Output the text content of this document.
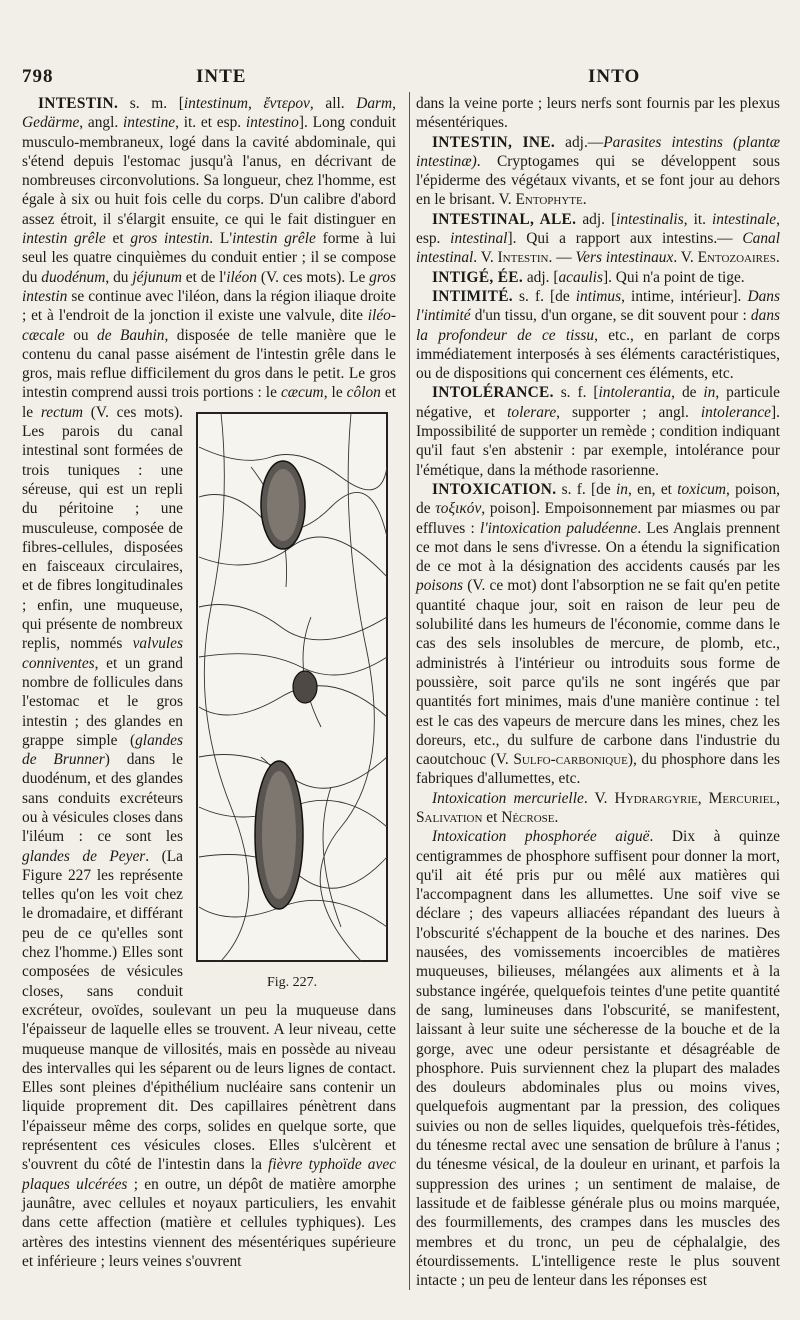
798	INTE	INTO

INTESTIN. s. m. [intestinum, ἔντερον, all. Darm, Gedärme, angl. intestine, it. et esp. intestino]. Long conduit musculo-membraneux, logé dans la cavité abdominale, qui s'étend depuis l'estomac jusqu'à l'anus, en décrivant de nombreuses circonvolutions. Sa longueur, chez l'homme, est égale à six ou huit fois celle du corps. D'un calibre d'abord assez étroit, il s'élargit ensuite, ce qui le fait distinguer en intestin grêle et gros intestin. L'intestin grêle forme à lui seul les quatre cinquièmes du conduit entier ; il se compose du duodénum, du jéjunum et de l'iléon (V. ces mots). Le gros intestin se continue avec l'iléon, dans la région iliaque droite ; et à l'endroit de la jonction il existe une valvule, dite iléo-cæcale ou de Bauhin, disposée de telle manière que le contenu du canal passe aisément de l'intestin grêle dans le gros, mais reflue difficilement du gros dans le petit. Le gros intestin comprend aussi trois portions : le
Fig. 227.
cæcum, le côlon et le rectum (V. ces mots). Les parois du canal intestinal sont formées de trois tuniques : une séreuse, qui est un repli du péritoine ; une musculeuse, composée de fibres-cellules, disposées en faisceaux circulaires, et de fibres longitudinales ; enfin, une muqueuse, qui présente de nombreux replis, nommés valvules conniventes, et un grand nombre de follicules dans l'estomac et le gros intestin ; des glandes en grappe simple (glandes de Brunner) dans le duodénum, et des glandes sans conduits excréteurs ou à vésicules closes dans l'iléum : ce sont les glandes de Peyer. (La Figure 227 les représente telles qu'on les voit chez le dromadaire, et différant peu de ce qu'elles sont chez l'homme.) Elles sont composées de vésicules closes, sans conduit excréteur, ovoïdes, soulevant un peu la muqueuse dans l'épaisseur de laquelle elles se trouvent. A leur niveau, cette muqueuse manque de villosités, mais en possède au niveau des intervalles qui les séparent ou de leurs lignes de contact. Elles sont pleines d'épithélium nucléaire sans contenir un liquide proprement dit. Des capillaires pénètrent dans l'épaisseur même des corps, solides en quelque sorte, que représentent ces vésicules closes. Elles s'ulcèrent et s'ouvrent du côté de l'intestin dans la fièvre typhoïde avec plaques ulcérées ; en outre, un dépôt de matière amorphe jaunâtre, avec cellules et noyaux particuliers, les envahit dans cette affection (matière et cellules typhiques). Les artères des intestins viennent des mésentériques supérieure et inférieure ; leurs veines s'ouvrent

dans la veine porte ; leurs nerfs sont fournis par les plexus mésentériques.

INTESTIN, INE. adj.—Parasites intestins (plantæ intestinæ). Cryptogames qui se développent sous l'épiderme des végétaux vivants, et se font jour au dehors en le brisant. V. Entophyte.

INTESTINAL, ALE. adj. [intestinalis, it. intestinale, esp. intestinal]. Qui a rapport aux intestins.— Canal intestinal. V. Intestin. — Vers intestinaux. V. Entozoaires.

INTIGÉ, ÉE. adj. [acaulis]. Qui n'a point de tige.

INTIMITÉ. s. f. [de intimus, intime, intérieur]. Dans l'intimité d'un tissu, d'un organe, se dit souvent pour : dans la profondeur de ce tissu, etc., en parlant de corps immédiatement interposés à ses éléments caractéristiques, ou de dispositions qui concernent ces éléments, etc.

INTOLÉRANCE. s. f. [intolerantia, de in, particule négative, et tolerare, supporter ; angl. intolerance]. Impossibilité de supporter un remède ; condition indiquant qu'il faut s'en abstenir : par exemple, intolérance pour l'émétique, dans la méthode rasorienne.

INTOXICATION. s. f. [de in, en, et toxicum, poison, de τοξικόν, poison]. Empoisonnement par miasmes ou par effluves : l'intoxication paludéenne. Les Anglais prennent ce mot dans le sens d'ivresse. On a étendu la signification de ce mot à la désignation des accidents causés par les poisons (V. ce mot) dont l'absorption ne se fait qu'en petite quantité chaque jour, soit en raison de leur peu de solubilité dans les humeurs de l'économie, comme dans le cas des sels insolubles de mercure, de plomb, etc., administrés à l'intérieur ou introduits sous forme de poussière, soit parce qu'ils ne sont ingérés que par quantités fort minimes, mais d'une manière continue : tel est le cas des vapeurs de mercure dans les mines, chez les doreurs, etc., du sulfure de carbone dans l'industrie du caoutchouc (V. Sulfo-carbonique), du phosphore dans les fabriques d'allumettes, etc.

Intoxication mercurielle. V. Hydrargyrie, Mercuriel, Salivation et Nécrose.

Intoxication phosphorée aiguë. Dix à quinze centigrammes de phosphore suffisent pour donner la mort, qu'il ait été pris pur ou mêlé aux matières qui l'accompagnent dans les allumettes. Une soif vive se déclare ; des vapeurs alliacées répandant des lueurs à l'obscurité s'échappent de la bouche et des narines. Des nausées, des vomissements incoercibles de matières muqueuses, bilieuses, mélangées aux aliments et à la substance ingérée, quelquefois teintes d'une petite quantité de sang, lumineuses dans l'obscurité, se manifestent, laissant à leur suite une sécheresse de la bouche et de la gorge, avec une odeur persistante et désagréable de phosphore. Puis surviennent chez la plupart des malades des douleurs abdominales plus ou moins vives, quelquefois augmentant par la pression, des coliques suivies ou non de selles liquides, quelquefois très-fétides, du ténesme rectal avec une sensation de brûlure à l'anus ; du ténesme vésical, de la douleur en urinant, et parfois la suppression des urines ; un sentiment de malaise, de lassitude et de faiblesse générale plus ou moins marquée, des fourmillements, des crampes dans les muscles des membres et du tronc, un peu de céphalalgie, des étourdissements. L'intelligence reste le plus souvent intacte ; un peu de lenteur dans les réponses est
